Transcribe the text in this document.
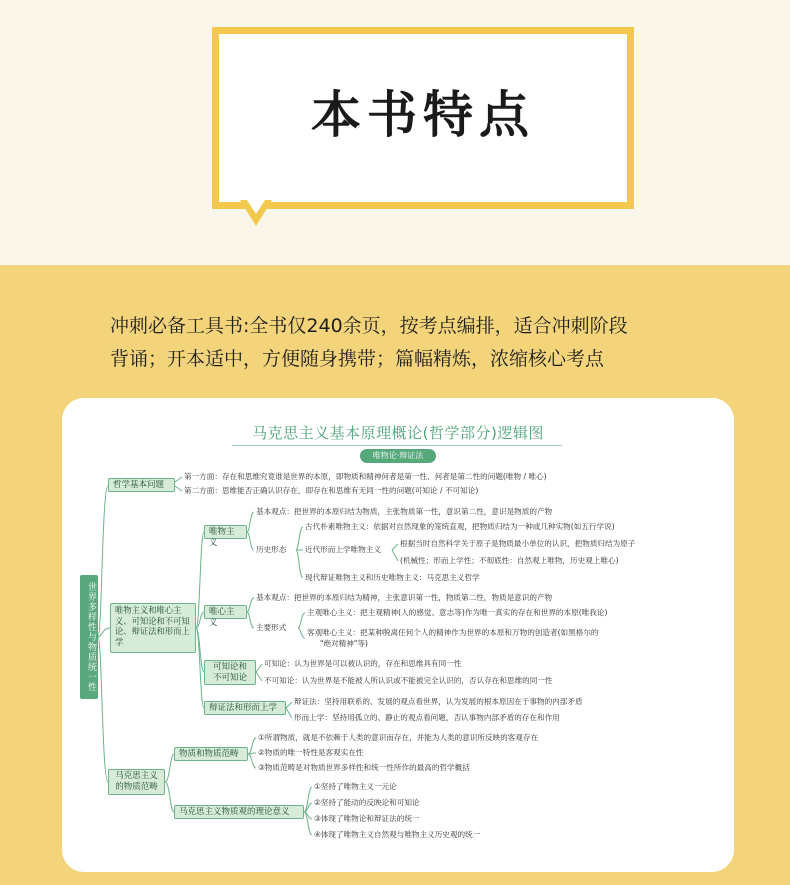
本书特点
冲刺必备工具书:全书仅240余页，按考点编排，适合冲刺阶段
背诵；开本适中，方便随身携带；篇幅精炼，浓缩核心考点
马克思主义基本原理概论(哲学部分)逻辑图
唯物论·辩证法
世界多样性与物质统一性
哲学基本问题
第一方面：存在和思维究竟谁是世界的本原，即物质和精神何者是第一性、何者是第二性的问题(唯物 / 唯心)
第二方面：思维能否正确认识存在，即存在和思维有无同一性的问题(可知论 / 不可知论)
唯物主义和唯心主义、可知论和不可知论、辩证法和形而上学
唯物主义
基本观点：把世界的本原归结为物质，主张物质第一性，意识第二性，意识是物质的产物
历史形态
古代朴素唯物主义：依据对自然现象的笼统直观，把物质归结为一种或几种实物(如五行学说)
近代形而上学唯物主义
根据当时自然科学关于原子是物质最小单位的认识，把物质归结为原子
(机械性；形而上学性；不彻底性：自然观上唯物，历史观上唯心)
现代辩证唯物主义和历史唯物主义：马克思主义哲学
唯心主义
基本观点：把世界的本原归结为精神，主张意识第一性，物质第二性，物质是意识的产物
主要形式
主观唯心主义：把主观精神(人的感觉、意志等)作为唯一真实的存在和世界的本原(唯我论)
客观唯心主义：把某种脱离任何个人的精神作为世界的本原和万物的创造者(如黑格尔的
"绝对精神"等)
可知论和不可知论
可知论：认为世界是可以被认识的，存在和思维具有同一性
不可知论：认为世界是不能被人所认识或不能被完全认识的，否认存在和思维的同一性
辩证法和形而上学
辩证法：坚持用联系的、发展的观点看世界，认为发展的根本原因在于事物的内部矛盾
形而上学：坚持用孤立的、静止的观点看问题，否认事物内部矛盾的存在和作用
马克思主义的物质范畴
物质和物质范畴
①所谓物质，就是不依赖于人类的意识而存在，并能为人类的意识所反映的客观存在
②物质的唯一特性是客观实在性
③物质范畴是对物质世界多样性和统一性所作的最高的哲学概括
马克思主义物质观的理论意义
①坚持了唯物主义一元论
②坚持了能动的反映论和可知论
③体现了唯物论和辩证法的统一
④体现了唯物主义自然观与唯物主义历史观的统一
